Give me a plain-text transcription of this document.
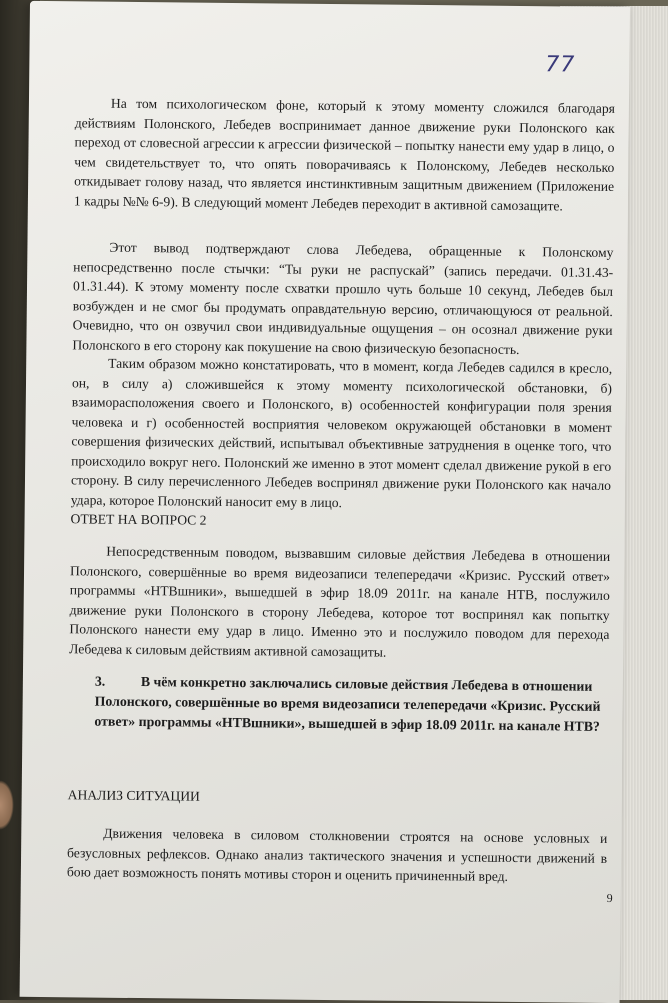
77

На том психологическом фоне, который к этому моменту сложился благодаря действиям Полонского, Лебедев воспринимает данное движение руки Полонского как переход от словесной агрессии к агрессии физической – попытку нанести ему удар в лицо, о чем свидетельствует то, что опять поворачиваясь к Полонскому, Лебедев несколько откидывает голову назад, что является инстинктивным защитным движением (Приложение 1 кадры №№ 6-9). В следующий момент Лебедев переходит в активной самозащите.

Этот вывод подтверждают слова Лебедева, обращенные к Полонскому непосредственно после стычки: “Ты руки не распускай” (запись передачи. 01.31.43-01.31.44). К этому моменту после схватки прошло чуть больше 10 секунд, Лебедев был возбужден и не смог бы продумать оправдательную версию, отличающуюся от реальной. Очевидно, что он озвучил свои индивидуальные ощущения – он осознал движение руки Полонского в его сторону как покушение на свою физическую безопасность.

Таким образом можно констатировать, что в момент, когда Лебедев садился в кресло, он, в силу а) сложившейся к этому моменту психологической обстановки, б) взаиморасположения своего и Полонского, в) особенностей конфигурации поля зрения человека и г) особенностей восприятия человеком окружающей обстановки в момент совершения физических действий, испытывал объективные затруднения в оценке того, что происходило вокруг него. Полонский же именно в этот момент сделал движение рукой в его сторону. В силу перечисленного Лебедев воспринял движение руки Полонского как начало удара, которое Полонский наносит ему в лицо.

ОТВЕТ НА ВОПРОС 2

Непосредственным поводом, вызвавшим силовые действия Лебедева в отношении Полонского, совершённые во время видеозаписи телепередачи «Кризис. Русский ответ» программы «НТВшники», вышедшей в эфир 18.09 2011г. на канале НТВ, послужило движение руки Полонского в сторону Лебедева, которое тот воспринял как попытку Полонского нанести ему удар в лицо. Именно это и послужило поводом для перехода Лебедева к силовым действиям активной самозащиты.

3.	В чём конкретно заключались силовые действия Лебедева в отношении Полонского, совершённые во время видеозаписи телепередачи «Кризис. Русский ответ» программы «НТВшники», вышедшей в эфир 18.09 2011г. на канале НТВ?

АНАЛИЗ СИТУАЦИИ

Движения человека в силовом столкновении строятся на основе условных и безусловных рефлексов. Однако анализ тактического значения и успешности движений в бою дает возможность понять мотивы сторон и оценить причиненный вред.

9
